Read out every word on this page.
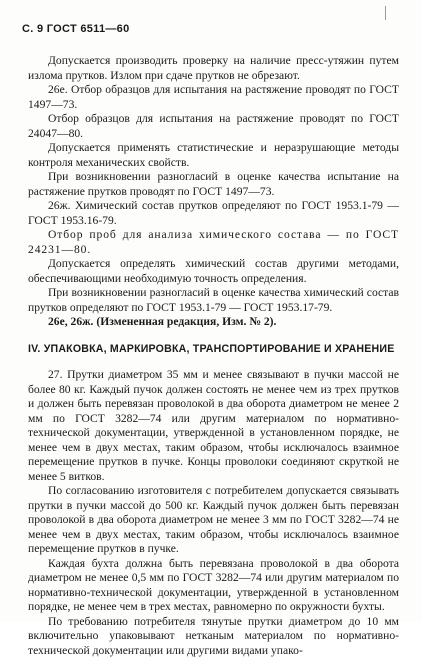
С. 9 ГОСТ 6511—60

Допускается производить проверку на наличие пресс-утяжин путем излома прутков. Излом при сдаче прутков не обрезают.

26е. Отбор образцов для испытания на растяжение проводят по ГОСТ 1497—73.

Отбор образцов для испытания на растяжение проводят по ГОСТ 24047—80.

Допускается применять статистические и неразрушающие методы контроля механических свойств.

При возникновении разногласий в оценке качества испытание на растяжение прутков проводят по ГОСТ 1497—73.

26ж. Химический состав прутков определяют по ГОСТ 1953.1-79 — ГОСТ 1953.16-79.

Отбор проб для анализа химического состава — по ГОСТ 24231—80.

Допускается определять химический состав другими методами, обеспечивающими необходимую точность определения.

При возникновении разногласий в оценке качества химический состав прутков определяют по ГОСТ 1953.1-79 — ГОСТ 1953.17-79.

26е, 26ж. (Измененная редакция, Изм. № 2).

IV. УПАКОВКА, МАРКИРОВКА, ТРАНСПОРТИРОВАНИЕ И ХРАНЕНИЕ

27. Прутки диаметром 35 мм и менее связывают в пучки массой не более 80 кг. Каждый пучок должен состоять не менее чем из трех прутков и должен быть перевязан проволокой в два оборота диаметром не менее 2 мм по ГОСТ 3282—74 или другим материалом по нормативно-технической документации, утвержденной в установленном порядке, не менее чем в двух местах, таким образом, чтобы исключалось взаимное перемещение прутков в пучке. Концы проволоки соединяют скруткой не менее 5 витков.

По согласованию изготовителя с потребителем допускается связывать прутки в пучки массой до 500 кг. Каждый пучок должен быть перевязан проволокой в два оборота диаметром не менее 3 мм по ГОСТ 3282—74 не менее чем в двух местах, таким образом, чтобы исключалось взаимное перемещение прутков в пучке.

Каждая бухта должна быть перевязана проволокой в два оборота диаметром не менее 0,5 мм по ГОСТ 3282—74 или другим материалом по нормативно-технической документации, утвержденной в установленном порядке, не менее чем в трех местах, равномерно по окружности бухты.

По требованию потребителя тянутые прутки диаметром до 10 мм включительно упаковывают нетканым материалом по нормативно-технической документации или другими видами упако-
